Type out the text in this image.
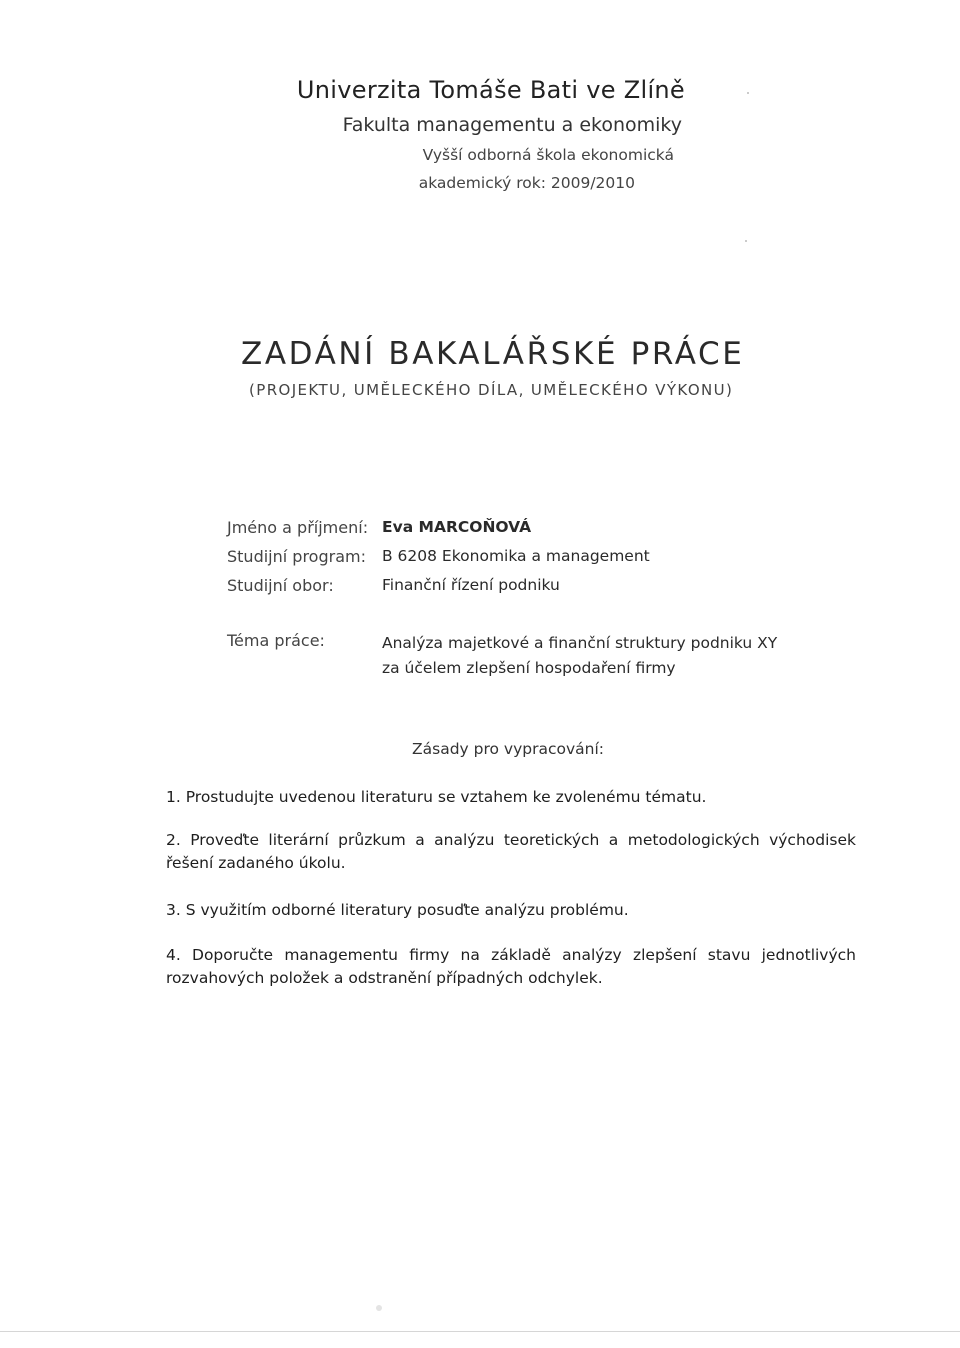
Univerzita Tomáše Bati ve Zlíně
Fakulta managementu a ekonomiky
Vyšší odborná škola ekonomická
akademický rok: 2009/2010
ZADÁNÍ BAKALÁŘSKÉ PRÁCE
(PROJEKTU, UMĚLECKÉHO DÍLA, UMĚLECKÉHO VÝKONU)
Jméno a příjmení: Eva MARCOŇOVÁ
Studijní program: B 6208 Ekonomika a management
Studijní obor:	Finanční řízení podniku
Téma práce:	Analýza majetkové a finanční struktury podniku XY
za účelem zlepšení hospodaření firmy
Zásady pro vypracování:
1. Prostudujte uvedenou literaturu se vztahem ke zvolenému tématu.
2. Proveďte literární průzkum a analýzu teoretických a metodologických východisek řešení zadaného úkolu.
3. S využitím odborné literatury posuďte analýzu problému.
4. Doporučte managementu firmy na základě analýzy zlepšení stavu jednotlivých rozvahových položek a odstranění případných odchylek.
